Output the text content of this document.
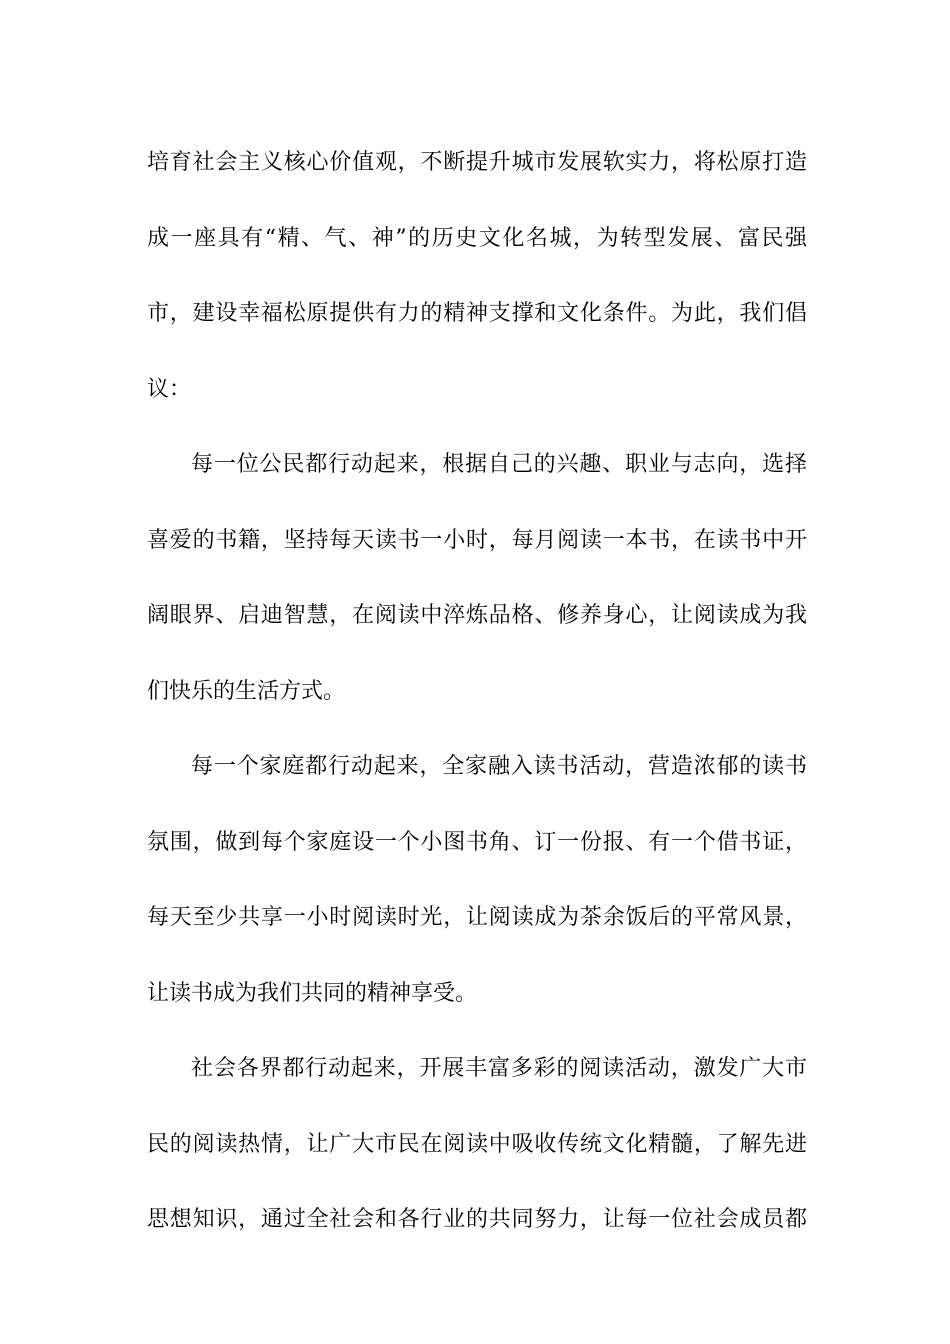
培育社会主义核心价值观，不断提升城市发展软实力，将松原打造
成一座具有“精、气、神”的历史文化名城，为转型发展、富民强
市，建设幸福松原提供有力的精神支撑和文化条件。为此，我们倡
议：

每一位公民都行动起来，根据自己的兴趣、职业与志向，选择
喜爱的书籍，坚持每天读书一小时，每月阅读一本书，在读书中开
阔眼界、启迪智慧，在阅读中淬炼品格、修养身心，让阅读成为我
们快乐的生活方式。

每一个家庭都行动起来，全家融入读书活动，营造浓郁的读书
氛围，做到每个家庭设一个小图书角、订一份报、有一个借书证，
每天至少共享一小时阅读时光，让阅读成为茶余饭后的平常风景，
让读书成为我们共同的精神享受。

社会各界都行动起来，开展丰富多彩的阅读活动，激发广大市
民的阅读热情，让广大市民在阅读中吸收传统文化精髓，了解先进
思想知识，通过全社会和各行业的共同努力，让每一位社会成员都
